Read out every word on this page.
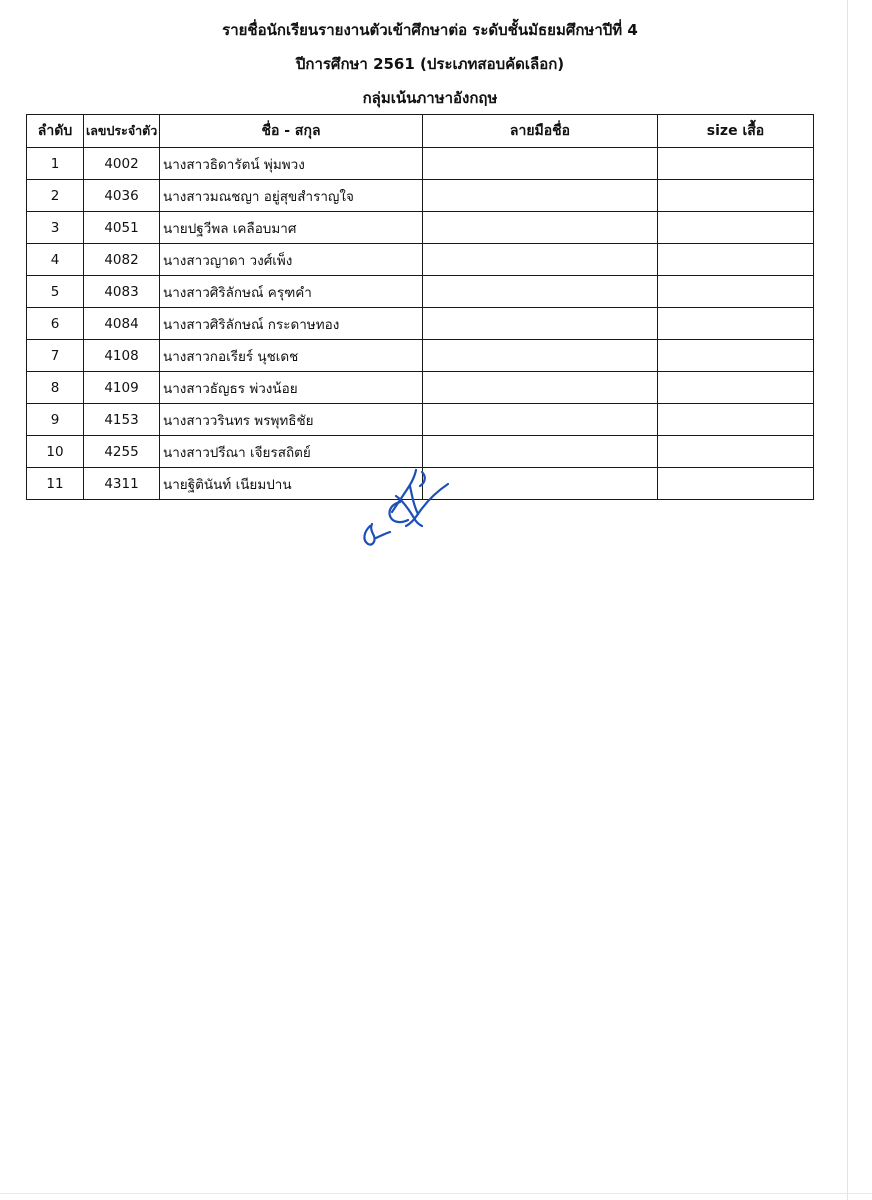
รายชื่อนักเรียนรายงานตัวเข้าศึกษาต่อ ระดับชั้นมัธยมศึกษาปีที่ 4
ปีการศึกษา 2561 (ประเภทสอบคัดเลือก)
กลุ่มเน้นภาษาอังกฤษ
ลำดับ	เลขประจำตัว	ชื่อ - สกุล	ลายมือชื่อ	size เสื้อ
1	4002	นางสาวธิดารัตน์ พุ่มพวง		
2	4036	นางสาวมณชญา อยู่สุขสำราญใจ		
3	4051	นายปฐวีพล เคลือบมาศ		
4	4082	นางสาวญาดา วงศ์เพ็ง		
5	4083	นางสาวศิริลักษณ์ ครุฑคำ		
6	4084	นางสาวศิริลักษณ์ กระดาษทอง		
7	4108	นางสาวกอเรียร์ นุชเดช		
8	4109	นางสาวธัญธร พ่วงน้อย		
9	4153	นางสาววรินทร พรพุทธิชัย		
10	4255	นางสาวปรีณา เจียรสถิตย์		
11	4311	นายฐิตินันท์ เนียมปาน		
